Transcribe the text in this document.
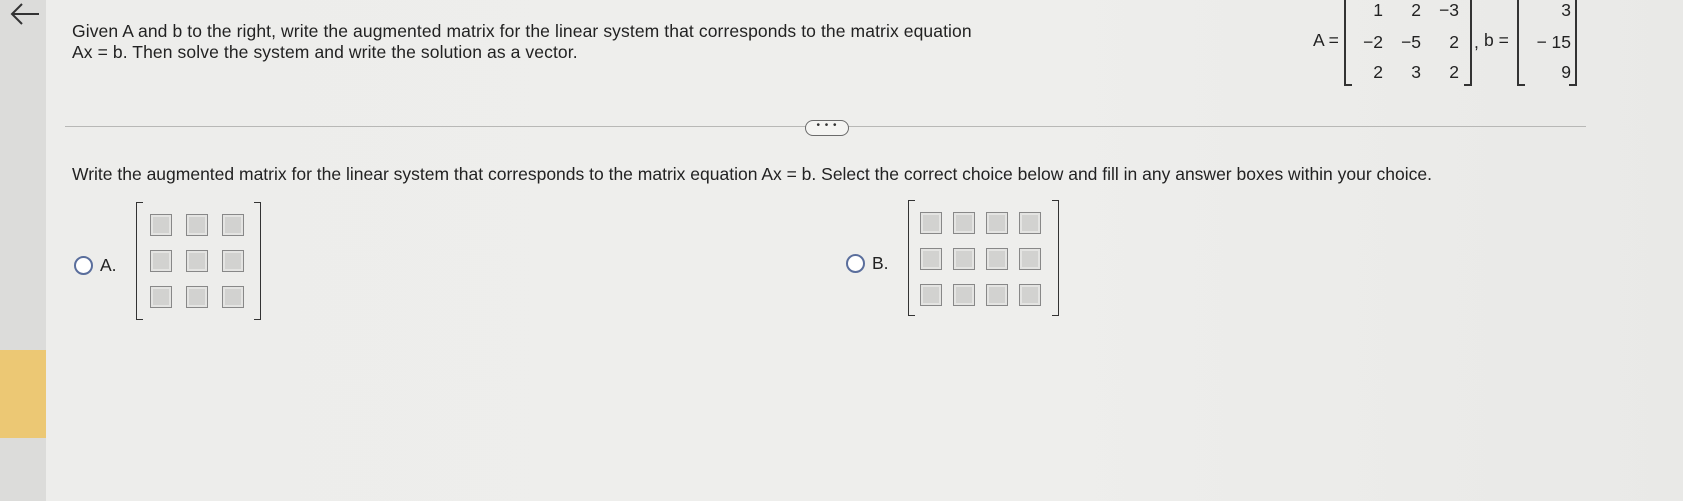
Given A and b to the right, write the augmented matrix for the linear system that corresponds to the matrix equation
Ax = b. Then solve the system and write the solution as a vector.
A =
1	2	−3
−2	−5	2
2	3	2
, b =
3
− 15
9
• • •
Write the augmented matrix for the linear system that corresponds to the matrix equation Ax = b. Select the correct choice below and fill in any answer boxes within your choice.
A.	B.
